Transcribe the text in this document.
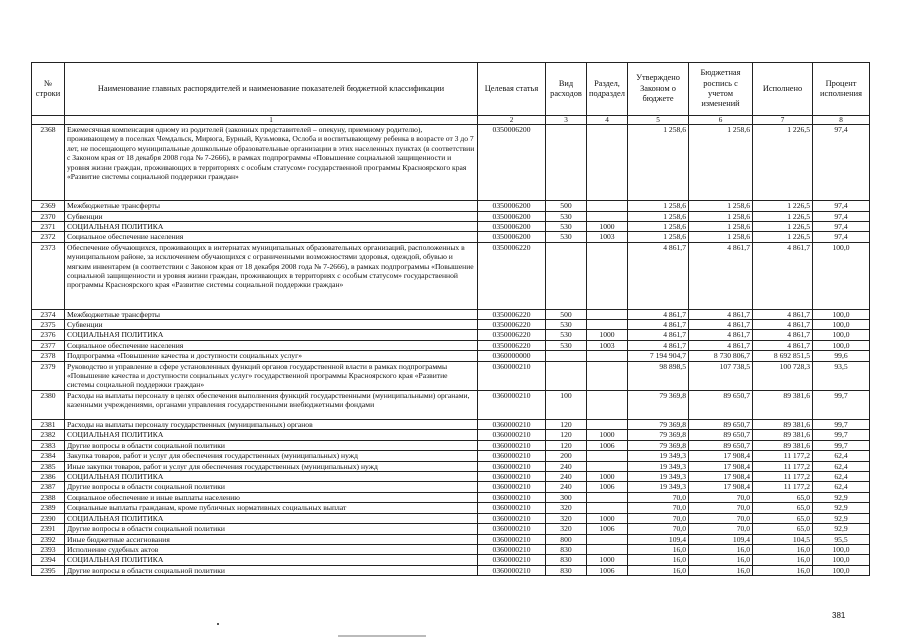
№ строки	Наименование главных распорядителей и наименование показателей бюджетной классификации	Целевая статья	Вид расходов	Раздел, подраздел	Утверждено Законом о бюджете	Бюджетная роспись с учетом изменений	Исполнено	Процент исполнения
	1	2	3	4	5	6	7	8
2368	Ежемесячная компенсация одному из родителей (законных представителей – опекуну, приемному родителю), проживающему в поселках Чемдальск, Мирюга, Бурный, Кузьмовка, Ослоба и воспитывающему ребенка в возрасте от 3 до 7 лет, не посещающего муниципальные дошкольные образовательные организации в этих населенных пунктах (в соответствии с Законом края от 18 декабря 2008 года № 7-2666), в рамках подпрограммы «Повышение социальной защищенности и уровня жизни граждан, проживающих в территориях с особым статусом» государственной программы Красноярского края «Развитие системы социальной поддержки граждан»	0350006200			1 258,6	1 258,6	1 226,5	97,4
2369	Межбюджетные трансферты	0350006200	500		1 258,6	1 258,6	1 226,5	97,4
2370	Субвенции	0350006200	530		1 258,6	1 258,6	1 226,5	97,4
2371	СОЦИАЛЬНАЯ ПОЛИТИКА	0350006200	530	1000	1 258,6	1 258,6	1 226,5	97,4
2372	Социальное обеспечение населения	0350006200	530	1003	1 258,6	1 258,6	1 226,5	97,4
2373	Обеспечение обучающихся, проживающих в интернатах муниципальных образовательных организаций, расположенных в муниципальном районе, за исключением обучающихся с ограниченными возможностями здоровья, одеждой, обувью и мягким инвентарем (в соответствии с Законом края от 18 декабря 2008 года № 7-2666), в рамках подпрограммы «Повышение социальной защищенности и уровня жизни граждан, проживающих в территориях с особым статусом» государственной программы Красноярского края «Развитие системы социальной поддержки граждан»	0350006220			4 861,7	4 861,7	4 861,7	100,0
2374	Межбюджетные трансферты	0350006220	500		4 861,7	4 861,7	4 861,7	100,0
2375	Субвенции	0350006220	530		4 861,7	4 861,7	4 861,7	100,0
2376	СОЦИАЛЬНАЯ ПОЛИТИКА	0350006220	530	1000	4 861,7	4 861,7	4 861,7	100,0
2377	Социальное обеспечение населения	0350006220	530	1003	4 861,7	4 861,7	4 861,7	100,0
2378	Подпрограмма «Повышение качества и доступности социальных услуг»	0360000000			7 194 904,7	8 730 806,7	8 692 851,5	99,6
2379	Руководство и управление в сфере установленных функций органов государственной власти в рамках подпрограммы «Повышение качества и доступности социальных услуг» государственной программы Красноярского края «Развитие системы социальной поддержки граждан»	0360000210			98 898,5	107 738,5	100 728,3	93,5
2380	Расходы на выплаты персоналу в целях обеспечения выполнения функций государственными (муниципальными) органами, казенными учреждениями, органами управления государственными внебюджетными фондами	0360000210	100		79 369,8	89 650,7	89 381,6	99,7
2381	Расходы на выплаты персоналу государственных (муниципальных) органов	0360000210	120		79 369,8	89 650,7	89 381,6	99,7
2382	СОЦИАЛЬНАЯ ПОЛИТИКА	0360000210	120	1000	79 369,8	89 650,7	89 381,6	99,7
2383	Другие вопросы в области социальной политики	0360000210	120	1006	79 369,8	89 650,7	89 381,6	99,7
2384	Закупка товаров, работ и услуг для обеспечения государственных (муниципальных) нужд	0360000210	200		19 349,3	17 908,4	11 177,2	62,4
2385	Иные закупки товаров, работ и услуг для обеспечения государственных (муниципальных) нужд	0360000210	240		19 349,3	17 908,4	11 177,2	62,4
2386	СОЦИАЛЬНАЯ ПОЛИТИКА	0360000210	240	1000	19 349,3	17 908,4	11 177,2	62,4
2387	Другие вопросы в области социальной политики	0360000210	240	1006	19 349,3	17 908,4	11 177,2	62,4
2388	Социальное обеспечение и иные выплаты населению	0360000210	300		70,0	70,0	65,0	92,9
2389	Социальные выплаты гражданам, кроме публичных нормативных социальных выплат	0360000210	320		70,0	70,0	65,0	92,9
2390	СОЦИАЛЬНАЯ ПОЛИТИКА	0360000210	320	1000	70,0	70,0	65,0	92,9
2391	Другие вопросы в области социальной политики	0360000210	320	1006	70,0	70,0	65,0	92,9
2392	Иные бюджетные ассигнования	0360000210	800		109,4	109,4	104,5	95,5
2393	Исполнение судебных актов	0360000210	830		16,0	16,0	16,0	100,0
2394	СОЦИАЛЬНАЯ ПОЛИТИКА	0360000210	830	1000	16,0	16,0	16,0	100,0
2395	Другие вопросы в области социальной политики	0360000210	830	1006	16,0	16,0	16,0	100,0
381
